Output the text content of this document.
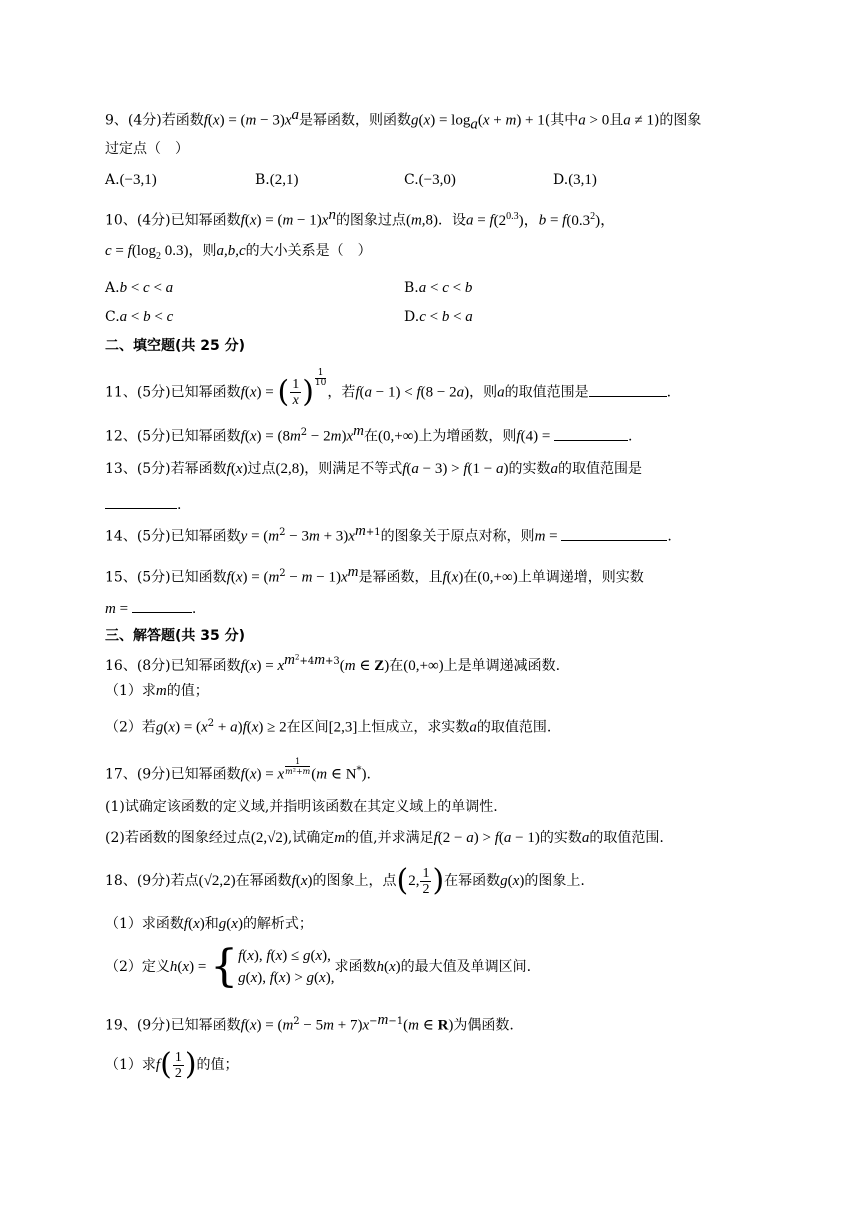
9、(4分)若函数$f(x) = (m - 3)x^a$是幂函数，则函数$g(x) = \log_a(x + m) + 1$(其中a > 0且a ≠ 1)的图象
过定点（　）
A.(−3,1)	B.(2,1)	C.(−3,0)	D.(3,1)
10、(4分)已知幂函数$f(x) = (m - 1)x^n$的图象过点(m,8)．设$a = f(2^{0.3})$，$b = f(0.3^2)$，
$c = f(\log_2$ 0.3)，则a,b,c的大小关系是（　）
A.b < c < a	B.a < c < b
C.a < b < c	D.c < b < a
二、填空题(共 25 分)
11、(5分)已知幂函数f(x) = ( $\frac{1}{x}$ ) $^{\frac{1}{10}}$
，若f(a − 1) < f(8 − 2a)，则a的取值范围是	.
12、(5分)已知幂函数$f(x) = (8m^2 - 2m)x^m$在(0,+∞)上为增函数，则f(4) =	.
13、(5分)若幂函数f(x)过点(2,8)，则满足不等式f(a − 3) > f(1 − a)的实数a的取值范围是
.
14、(5分)已知幂函数$y = (m^2 - 3m + 3)x^{m+1}$的图象关于原点对称，则m =	.
15、(5分)已知函数$f(x) = (m^2 - m - 1)x^m$是幂函数，且f(x)在(0,+∞)上单调递增，则实数
m =	.
三、解答题(共 35 分)
16、(8分)已知幂函数$f(x) = x^{m^2+4m+3}(m$ ∈ Z)在(0,+∞)上是单调递减函数.
（1）求m的值；
（2）若$g(x) = (x^2 + a)f(x) \ge 2$在区间[2,3]上恒成立，求实数a的取值范围.
17、(9分)已知幂函数f(x) = x $^{\frac{1}{\text{m²+m}}}$ (m ∈ N*).
(1)试确定该函数的定义域,并指明该函数在其定义域上的单调性.
(2)若函数的图象经过点(2,√2),试确定m的值,并求满足f(2 − a) > f(a − 1)的实数a的取值范围.
18、(9分)若点(√2,2)在幂函数f(x)的图象上，点(2, $\frac{1}{2}$ )在幂函数g(x)的图象上.
（1）求函数f(x)和g(x)的解析式；
（2）定义h(x) = { f(x), f(x) ≤ g(x),
g(x), f(x) > g(x),
求函数h(x)的最大值及单调区间.
19、(9分)已知幂函数$f(x) = (m^2 - 5m + 7)x^{-m-1}(m$ ∈ R)为偶函数.
（1）求$f( \frac{1}{2}$ )的值；
